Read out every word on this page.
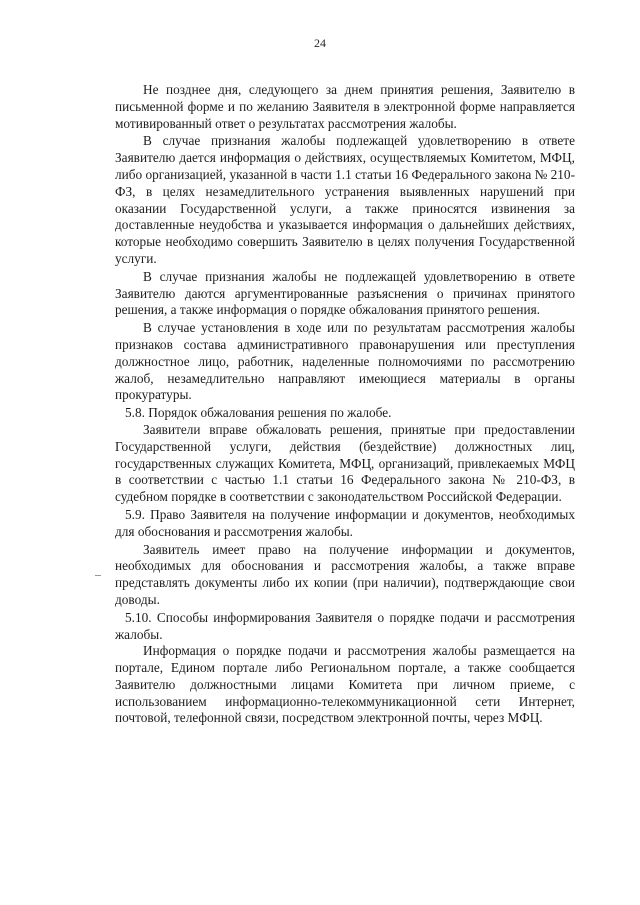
24

Не позднее дня, следующего за днем принятия решения, Заявителю в письменной форме и по желанию Заявителя в электронной форме направляется мотивированный ответ о результатах рассмотрения жалобы.

В случае признания жалобы подлежащей удовлетворению в ответе Заявителю дается информация о действиях, осуществляемых Комитетом, МФЦ, либо организацией, указанной в части 1.1 статьи 16 Федерального закона № 210-ФЗ, в целях незамедлительного устранения выявленных нарушений при оказании Государственной услуги, а также приносятся извинения за доставленные неудобства и указывается информация о дальнейших действиях, которые необходимо совершить Заявителю в целях получения Государственной услуги.

В случае признания жалобы не подлежащей удовлетворению в ответе Заявителю даются аргументированные разъяснения о причинах принятого решения, а также информация о порядке обжалования принятого решения.

В случае установления в ходе или по результатам рассмотрения жалобы признаков состава административного правонарушения или преступления должностное лицо, работник, наделенные полномочиями по рассмотрению жалоб, незамедлительно направляют имеющиеся материалы в органы прокуратуры.

5.8. Порядок обжалования решения по жалобе.

Заявители вправе обжаловать решения, принятые при предоставлении Государственной услуги, действия (бездействие) должностных лиц, государственных служащих Комитета, МФЦ, организаций, привлекаемых МФЦ в соответствии с частью 1.1 статьи 16 Федерального закона № 210-ФЗ, в судебном порядке в соответствии с законодательством Российской Федерации.

5.9. Право Заявителя на получение информации и документов, необходимых для обоснования и рассмотрения жалобы.

Заявитель имеет право на получение информации и документов, необходимых для обоснования и рассмотрения жалобы, а также вправе представлять документы либо их копии (при наличии), подтверждающие свои доводы.

5.10. Способы информирования Заявителя о порядке подачи и рассмотрения жалобы.

Информация о порядке подачи и рассмотрения жалобы размещается на портале, Едином портале либо Региональном портале, а также сообщается Заявителю должностными лицами Комитета при личном приеме, с использованием информационно-телекоммуникационной сети Интернет, почтовой, телефонной связи, посредством электронной почты, через МФЦ.
